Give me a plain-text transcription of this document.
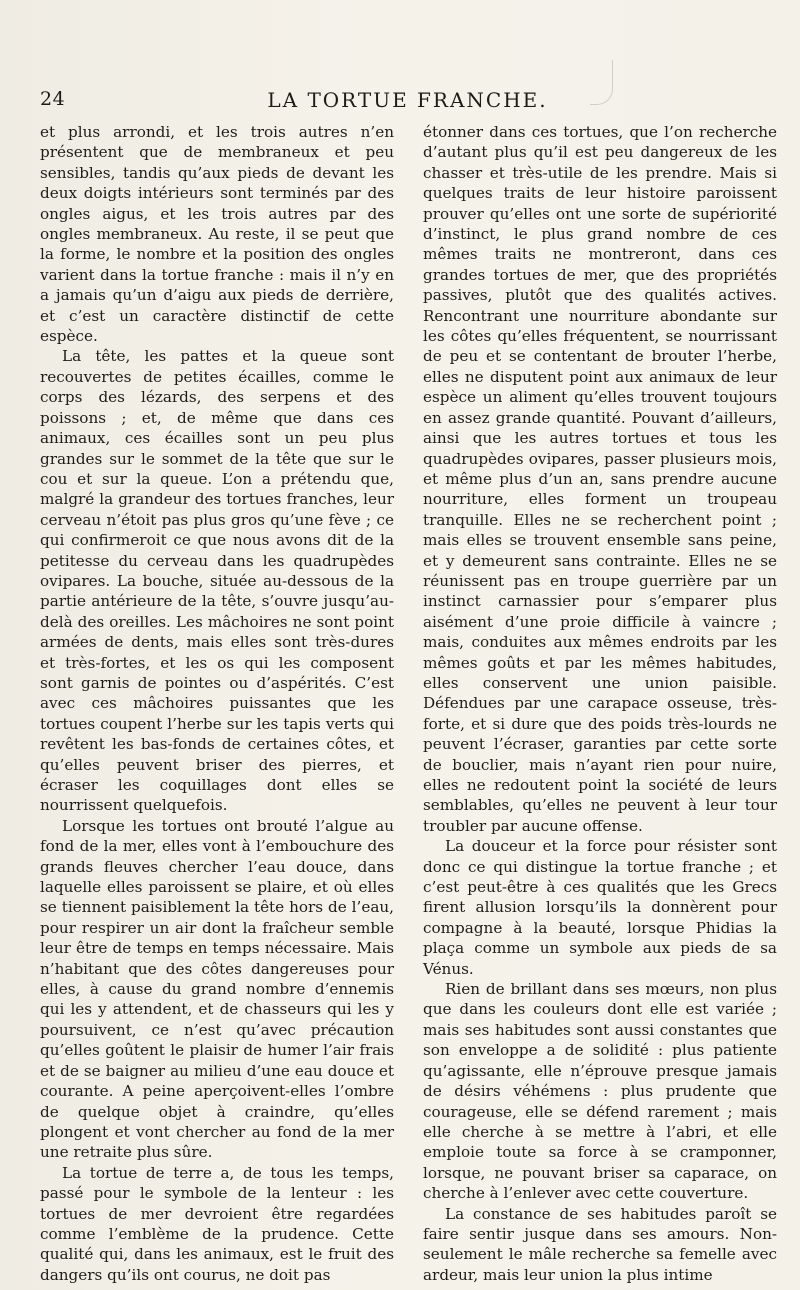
24	LA TORTUE FRANCHE.

et plus arrondi, et les trois autres n’en présentent que de membraneux et peu sensibles, tandis qu’aux pieds de devant les deux doigts intérieurs sont terminés par des ongles aigus, et les trois autres par des ongles membraneux. Au reste, il se peut que la forme, le nombre et la position des ongles varient dans la tortue franche : mais il n’y en a jamais qu’un d’aigu aux pieds de derrière, et c’est un caractère distinctif de cette espèce.

La tête, les pattes et la queue sont recouvertes de petites écailles, comme le corps des lézards, des serpens et des poissons ; et, de même que dans ces animaux, ces écailles sont un peu plus grandes sur le sommet de la tête que sur le cou et sur la queue. L’on a prétendu que, malgré la grandeur des tortues franches, leur cerveau n’étoit pas plus gros qu’une fève ; ce qui confirmeroit ce que nous avons dit de la petitesse du cerveau dans les quadrupèdes ovipares. La bouche, située au-dessous de la partie antérieure de la tête, s’ouvre jusqu’au-delà des oreilles. Les mâchoires ne sont point armées de dents, mais elles sont très-dures et très-fortes, et les os qui les composent sont garnis de pointes ou d’aspérités. C’est avec ces mâchoires puissantes que les tortues coupent l’herbe sur les tapis verts qui revêtent les bas-fonds de certaines côtes, et qu’elles peuvent briser des pierres, et écraser les coquillages dont elles se nourrissent quelquefois.

Lorsque les tortues ont brouté l’algue au fond de la mer, elles vont à l’embouchure des grands fleuves chercher l’eau douce, dans laquelle elles paroissent se plaire, et où elles se tiennent paisiblement la tête hors de l’eau, pour respirer un air dont la fraîcheur semble leur être de temps en temps nécessaire. Mais n’habitant que des côtes dangereuses pour elles, à cause du grand nombre d’ennemis qui les y attendent, et de chasseurs qui les y poursuivent, ce n’est qu’avec précaution qu’elles goûtent le plaisir de humer l’air frais et de se baigner au milieu d’une eau douce et courante. A peine aperçoivent-elles l’ombre de quelque objet à craindre, qu’elles plongent et vont chercher au fond de la mer une retraite plus sûre.

La tortue de terre a, de tous les temps, passé pour le symbole de la lenteur : les tortues de mer devroient être regardées comme l’emblème de la prudence. Cette qualité qui, dans les animaux, est le fruit des dangers qu’ils ont courus, ne doit pas

étonner dans ces tortues, que l’on recherche d’autant plus qu’il est peu dangereux de les chasser et très-utile de les prendre. Mais si quelques traits de leur histoire paroissent prouver qu’elles ont une sorte de supériorité d’instinct, le plus grand nombre de ces mêmes traits ne montreront, dans ces grandes tortues de mer, que des propriétés passives, plutôt que des qualités actives. Rencontrant une nourriture abondante sur les côtes qu’elles fréquentent, se nourrissant de peu et se contentant de brouter l’herbe, elles ne disputent point aux animaux de leur espèce un aliment qu’elles trouvent toujours en assez grande quantité. Pouvant d’ailleurs, ainsi que les autres tortues et tous les quadrupèdes ovipares, passer plusieurs mois, et même plus d’un an, sans prendre aucune nourriture, elles forment un troupeau tranquille. Elles ne se recherchent point ; mais elles se trouvent ensemble sans peine, et y demeurent sans contrainte. Elles ne se réunissent pas en troupe guerrière par un instinct carnassier pour s’emparer plus aisément d’une proie difficile à vaincre ; mais, conduites aux mêmes endroits par les mêmes goûts et par les mêmes habitudes, elles conservent une union paisible. Défendues par une carapace osseuse, très-forte, et si dure que des poids très-lourds ne peuvent l’écraser, garanties par cette sorte de bouclier, mais n’ayant rien pour nuire, elles ne redoutent point la société de leurs semblables, qu’elles ne peuvent à leur tour troubler par aucune offense.

La douceur et la force pour résister sont donc ce qui distingue la tortue franche ; et c’est peut-être à ces qualités que les Grecs firent allusion lorsqu’ils la donnèrent pour compagne à la beauté, lorsque Phidias la plaça comme un symbole aux pieds de sa Vénus.

Rien de brillant dans ses mœurs, non plus que dans les couleurs dont elle est variée ; mais ses habitudes sont aussi constantes que son enveloppe a de solidité : plus patiente qu’agissante, elle n’éprouve presque jamais de désirs véhémens : plus prudente que courageuse, elle se défend rarement ; mais elle cherche à se mettre à l’abri, et elle emploie toute sa force à se cramponner, lorsque, ne pouvant briser sa caparace, on cherche à l’enlever avec cette couverture.

La constance de ses habitudes paroît se faire sentir jusque dans ses amours. Non-seulement le mâle recherche sa femelle avec ardeur, mais leur union la plus intime
